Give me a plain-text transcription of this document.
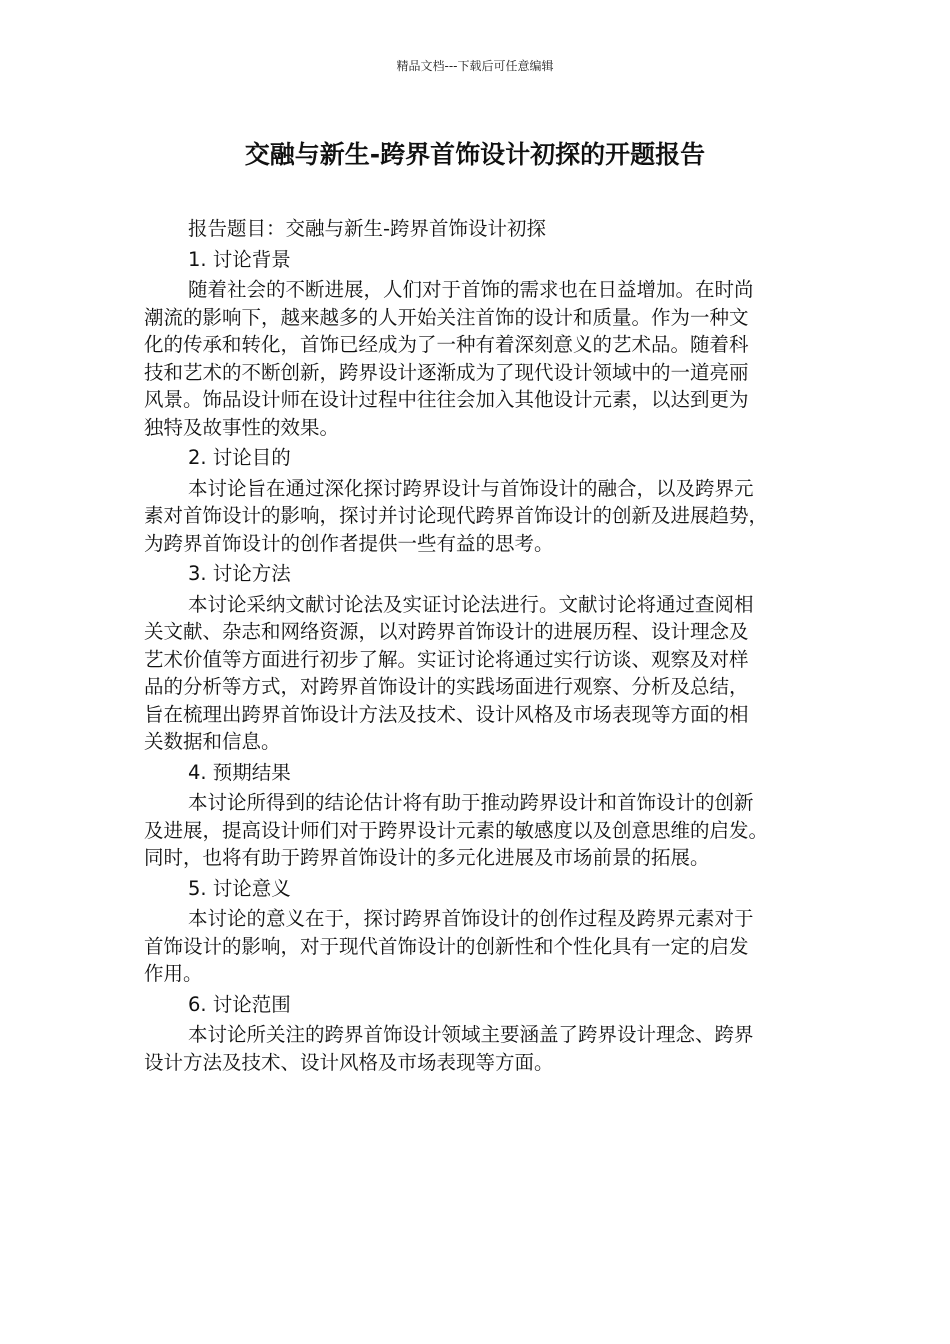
精品文档---下载后可任意编辑
交融与新生-跨界首饰设计初探的开题报告

报告题目：交融与新生-跨界首饰设计初探

1. 讨论背景

随着社会的不断进展，人们对于首饰的需求也在日益增加。在时尚

潮流的影响下，越来越多的人开始关注首饰的设计和质量。作为一种文

化的传承和转化，首饰已经成为了一种有着深刻意义的艺术品。随着科

技和艺术的不断创新，跨界设计逐渐成为了现代设计领域中的一道亮丽

风景。饰品设计师在设计过程中往往会加入其他设计元素，以达到更为

独特及故事性的效果。

2. 讨论目的

本讨论旨在通过深化探讨跨界设计与首饰设计的融合，以及跨界元

素对首饰设计的影响，探讨并讨论现代跨界首饰设计的创新及进展趋势，

为跨界首饰设计的创作者提供一些有益的思考。

3. 讨论方法

本讨论采纳文献讨论法及实证讨论法进行。文献讨论将通过查阅相

关文献、杂志和网络资源，以对跨界首饰设计的进展历程、设计理念及

艺术价值等方面进行初步了解。实证讨论将通过实行访谈、观察及对样

品的分析等方式，对跨界首饰设计的实践场面进行观察、分析及总结，

旨在梳理出跨界首饰设计方法及技术、设计风格及市场表现等方面的相

关数据和信息。

4. 预期结果

本讨论所得到的结论估计将有助于推动跨界设计和首饰设计的创新

及进展，提高设计师们对于跨界设计元素的敏感度以及创意思维的启发。

同时，也将有助于跨界首饰设计的多元化进展及市场前景的拓展。

5. 讨论意义

本讨论的意义在于，探讨跨界首饰设计的创作过程及跨界元素对于

首饰设计的影响，对于现代首饰设计的创新性和个性化具有一定的启发

作用。

6. 讨论范围

本讨论所关注的跨界首饰设计领域主要涵盖了跨界设计理念、跨界

设计方法及技术、设计风格及市场表现等方面。
